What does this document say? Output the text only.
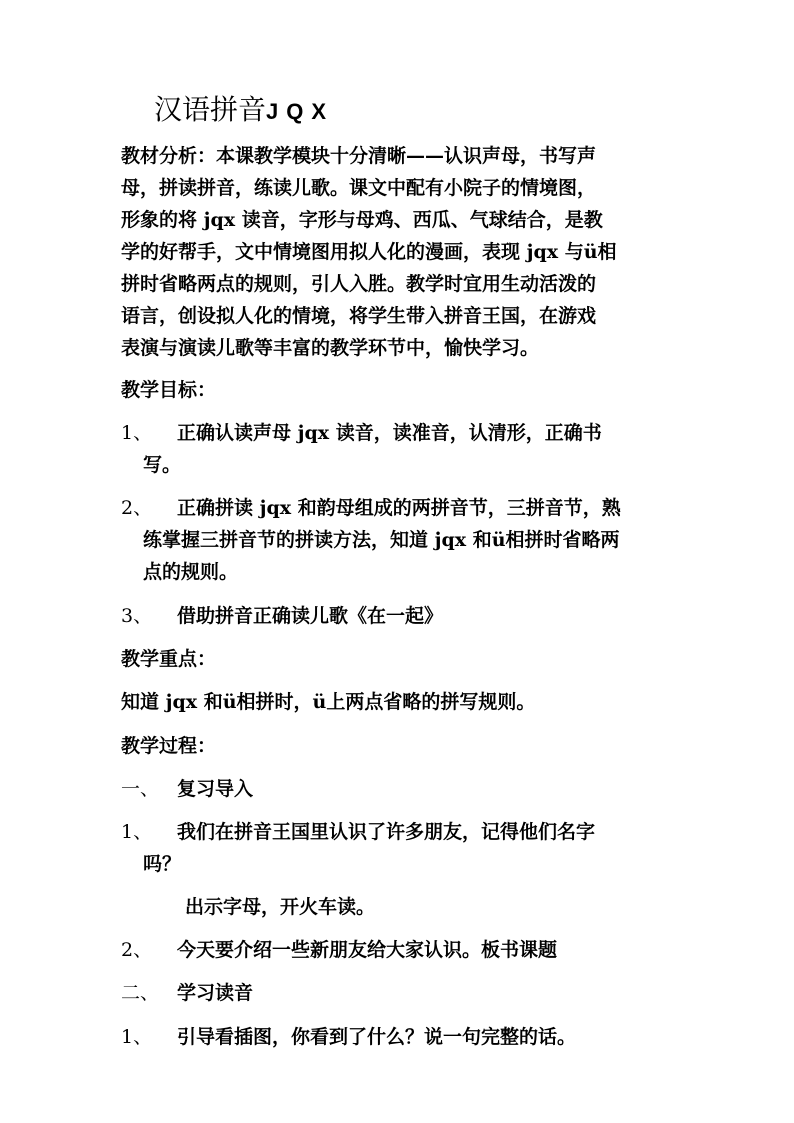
汉语拼音JQX
教材分析：本课教学模块十分清晰——认识声母，书写声
母，拼读拼音，练读儿歌。课文中配有小院子的情境图，
形象的将 jqx 读音，字形与母鸡、西瓜、气球结合，是教
学的好帮手，文中情境图用拟人化的漫画，表现 jqx 与ü相
拼时省略两点的规则，引人入胜。教学时宜用生动活泼的
语言，创设拟人化的情境，将学生带入拼音王国，在游戏
表演与演读儿歌等丰富的教学环节中，愉快学习。
教学目标：
1、 正确认读声母 jqx 读音，读准音，认清形，正确书
写。
2、 正确拼读 jqx 和韵母组成的两拼音节，三拼音节，熟
练掌握三拼音节的拼读方法，知道 jqx 和ü相拼时省略两
点的规则。
3、 借助拼音正确读儿歌《在一起》
教学重点：
知道 jqx 和ü相拼时，ü上两点省略的拼写规则。
教学过程：
一、 复习导入
1、 我们在拼音王国里认识了许多朋友，记得他们名字
吗？
出示字母，开火车读。
2、 今天要介绍一些新朋友给大家认识。板书课题
二、 学习读音
1、 引导看插图，你看到了什么？说一句完整的话。
